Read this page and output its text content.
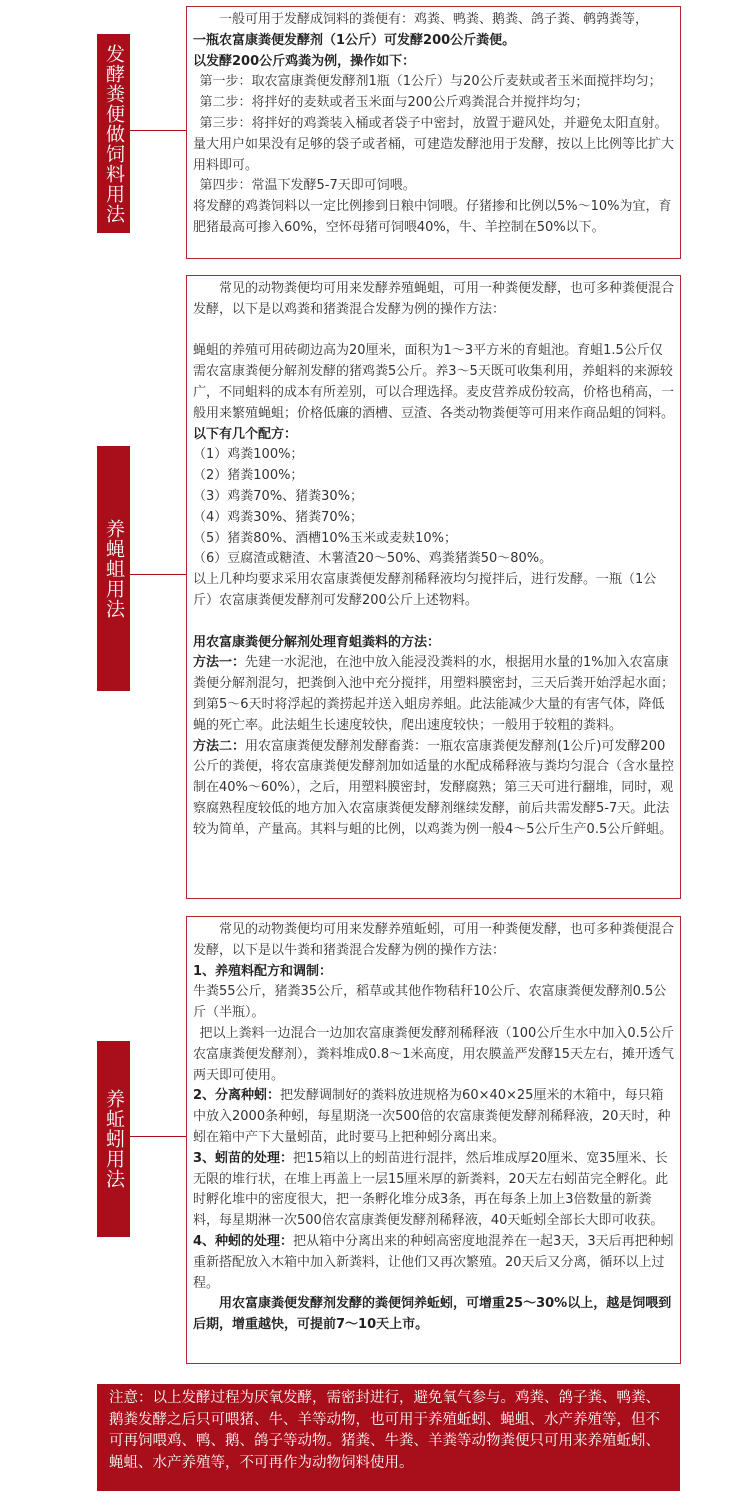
发酵粪便做饲料用法

一般可用于发酵成饲料的粪便有：鸡粪、鸭粪、鹅粪、鸽子粪、鹌鹑粪等，

一瓶农富康粪便发酵剂（1公斤）可发酵200公斤粪便。

以发酵200公斤鸡粪为例，操作如下：

第一步：取农富康粪便发酵剂1瓶（1公斤）与20公斤麦麸或者玉米面搅拌均匀；

第二步：将拌好的麦麸或者玉米面与200公斤鸡粪混合并搅拌均匀；

第三步：将拌好的鸡粪装入桶或者袋子中密封，放置于避风处，并避免太阳直射。量大用户如果没有足够的袋子或者桶，可建造发酵池用于发酵，按以上比例等比扩大用料即可。

第四步：常温下发酵5-7天即可饲喂。

将发酵的鸡粪饲料以一定比例掺到日粮中饲喂。仔猪掺和比例以5%～10%为宜，育肥猪最高可掺入60%，空怀母猪可饲喂40%，牛、羊控制在50%以下。

养蝇蛆用法

常见的动物粪便均可用来发酵养殖蝇蛆，可用一种粪便发酵，也可多种粪便混合发酵，以下是以鸡粪和猪粪混合发酵为例的操作方法：

蝇蛆的养殖可用砖砌边高为20厘米，面积为1～3平方米的育蛆池。育蛆1.5公斤仅需农富康粪便分解剂发酵的猪鸡粪5公斤。养3～5天既可收集利用，养蛆料的来源较广，不同蛆料的成本有所差别，可以合理选择。麦皮营养成份较高，价格也稍高，一般用来繁殖蝇蛆；价格低廉的酒槽、豆渣、各类动物粪便等可用来作商品蛆的饲料。以下有几个配方：

（1）鸡粪100%；

（2）猪粪100%；

（3）鸡粪70%、猪粪30%；

（4）鸡粪30%、猪粪70%；

（5）猪粪80%、酒槽10%玉米或麦麸10%；

（6）豆腐渣或糖渣、木薯渣20～50%、鸡粪猪粪50～80%。

以上几种均要求采用农富康粪便发酵剂稀释液均匀搅拌后，进行发酵。一瓶（1公斤）农富康粪便发酵剂可发酵200公斤上述物料。

用农富康粪便分解剂处理育蛆粪料的方法：

方法一：先建一水泥池，在池中放入能浸没粪料的水，根据用水量的1%加入农富康粪便分解剂混匀，把粪倒入池中充分搅拌，用塑料膜密封，三天后粪开始浮起水面；到第5～6天时将浮起的粪捞起并送入蛆房养蛆。此法能减少大量的有害气体，降低蝇的死亡率。此法蛆生长速度较快，爬出速度较快；一般用于较粗的粪料。

方法二：用农富康粪便发酵剂发酵畜粪：一瓶农富康粪便发酵剂(1公斤)可发酵200公斤的粪便，将农富康粪便发酵剂加如适量的水配成稀释液与粪均匀混合（含水量控制在40%～60%），之后，用塑料膜密封，发酵腐熟；第三天可进行翻堆，同时，观察腐熟程度较低的地方加入农富康粪便发酵剂继续发酵，前后共需发酵5-7天。此法较为简单，产量高。其料与蛆的比例，以鸡粪为例一般4～5公斤生产0.5公斤鲜蛆。

养蚯蚓用法

常见的动物粪便均可用来发酵养殖蚯蚓，可用一种粪便发酵，也可多种粪便混合发酵，以下是以牛粪和猪粪混合发酵为例的操作方法：

1、养殖料配方和调制：

牛粪55公斤，猪粪35公斤，稻草或其他作物秸秆10公斤、农富康粪便发酵剂0.5公斤（半瓶）。

把以上粪料一边混合一边加农富康粪便发酵剂稀释液（100公斤生水中加入0.5公斤农富康粪便发酵剂），粪料堆成0.8～1米高度，用农膜盖严发酵15天左右，摊开透气两天即可使用。

2、分离种蚓：把发酵调制好的粪料放进规格为60×40×25厘米的木箱中，每只箱中放入2000条种蚓，每星期浇一次500倍的农富康粪便发酵剂稀释液，20天时，种蚓在箱中产下大量蚓苗，此时要马上把种蚓分离出来。

3、蚓苗的处理：把15箱以上的蚓苗进行混拌，然后堆成厚20厘米、宽35厘米、长无限的堆行状，在堆上再盖上一层15厘米厚的新粪料，20天左右蚓苗完全孵化。此时孵化堆中的密度很大，把一条孵化堆分成3条，再在每条上加上3倍数量的新粪料，每星期淋一次500倍农富康粪便发酵剂稀释液，40天蚯蚓全部长大即可收获。

4、种蚓的处理：把从箱中分离出来的种蚓高密度地混养在一起3天，3天后再把种蚓重新搭配放入木箱中加入新粪料，让他们又再次繁殖。20天后又分离，循环以上过程。

用农富康粪便发酵剂发酵的粪便饲养蚯蚓，可增重25～30%以上，越是饲喂到后期，增重越快，可提前7～10天上市。

注意：以上发酵过程为厌氧发酵，需密封进行，避免氧气参与。鸡粪、鸽子粪、鸭粪、鹅粪发酵之后只可喂猪、牛、羊等动物，也可用于养殖蚯蚓、蝇蛆、水产养殖等，但不可再饲喂鸡、鸭、鹅、鸽子等动物。猪粪、牛粪、羊粪等动物粪便只可用来养殖蚯蚓、蝇蛆、水产养殖等，不可再作为动物饲料使用。
